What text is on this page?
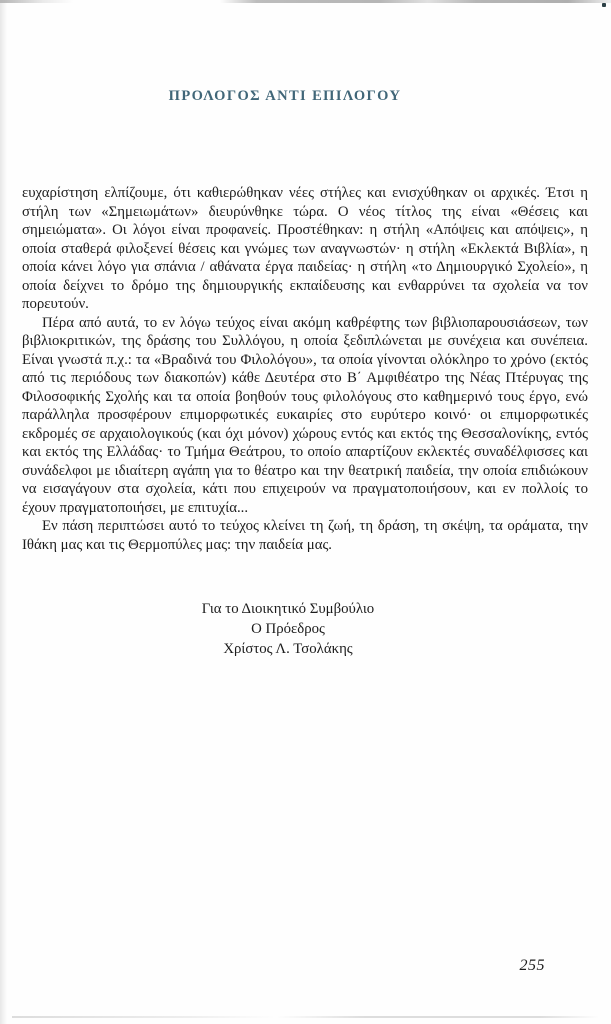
ΠΡΟΛΟΓΟΣ ΑΝΤΙ ΕΠΙΛΟΓΟΥ

ευχαρίστηση ελπίζουμε, ότι καθιερώθηκαν νέες στήλες και ενισχύθηκαν οι αρχικές. Έτσι η στήλη των «Σημειωμάτων» διευρύνθηκε τώρα. Ο νέος τίτλος της είναι «Θέσεις και σημειώματα». Οι λόγοι είναι προφανείς. Προστέθηκαν: η στήλη «Απόψεις και απόψεις», η οποία σταθερά φιλοξενεί θέσεις και γνώμες των αναγνωστών· η στήλη «Εκλεκτά Βιβλία», η οποία κάνει λόγο για σπάνια / αθάνατα έργα παιδείας· η στήλη «το Δημιουργικό Σχολείο», η οποία δείχνει το δρόμο της δημιουργικής εκπαίδευσης και ενθαρρύνει τα σχολεία να τον πορευτούν.

Πέρα από αυτά, το εν λόγω τεύχος είναι ακόμη καθρέφτης των βιβλιοπαρουσιάσεων, των βιβλιοκριτικών, της δράσης του Συλλόγου, η οποία ξεδιπλώνεται με συνέχεια και συνέπεια. Είναι γνωστά π.χ.: τα «Βραδινά του Φιλολόγου», τα οποία γίνονται ολόκληρο το χρόνο (εκτός από τις περιόδους των διακοπών) κάθε Δευτέρα στο Β΄ Αμφιθέατρο της Νέας Πτέρυγας της Φιλοσοφικής Σχολής και τα οποία βοηθούν τους φιλολόγους στο καθημερινό τους έργο, ενώ παράλληλα προσφέρουν επιμορφωτικές ευκαιρίες στο ευρύτερο κοινό· οι επιμορφωτικές εκδρομές σε αρχαιολογικούς (και όχι μόνον) χώρους εντός και εκτός της Θεσσαλονίκης, εντός και εκτός της Ελλάδας· το Τμήμα Θεάτρου, το οποίο απαρτίζουν εκλεκτές συναδέλφισσες και συνάδελφοι με ιδιαίτερη αγάπη για το θέατρο και την θεατρική παιδεία, την οποία επιδιώκουν να εισαγάγουν στα σχολεία, κάτι που επιχειρούν να πραγματοποιήσουν, και εν πολλοίς το έχουν πραγματοποιήσει, με επιτυχία...

Εν πάση περιπτώσει αυτό το τεύχος κλείνει τη ζωή, τη δράση, τη σκέψη, τα οράματα, την Ιθάκη μας και τις Θερμοπύλες μας: την παιδεία μας.

Για το Διοικητικό Συμβούλιο
Ο Πρόεδρος
Χρίστος Λ. Τσολάκης
255
